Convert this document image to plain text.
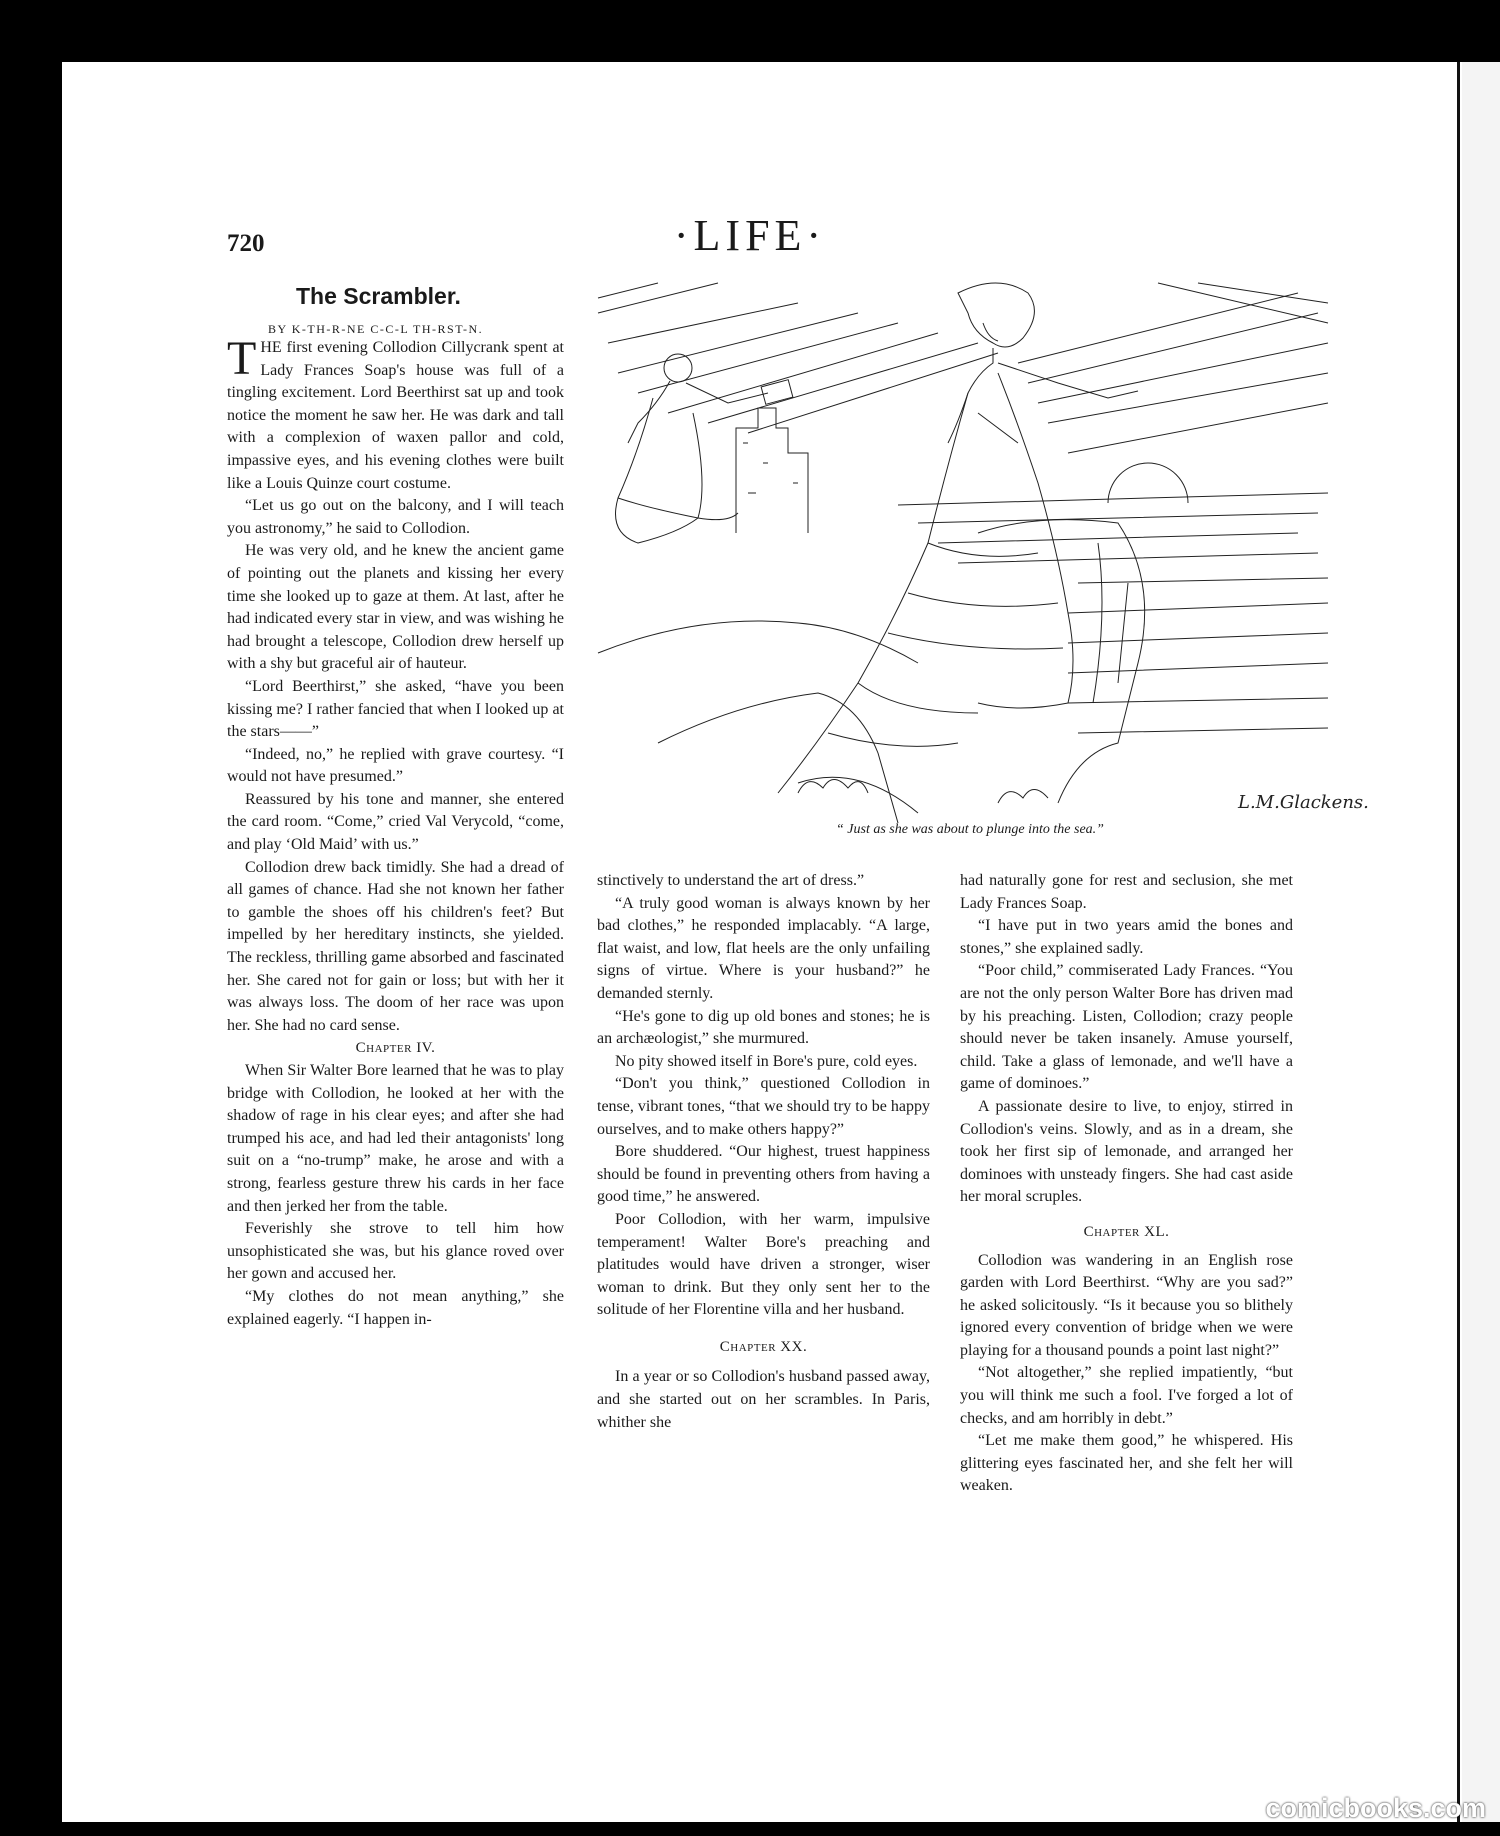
720	·LIFE·
The Scrambler.
BY K-TH-R-NE C-C-L TH-RST-N.

THE first evening Collodion Cillycrank spent at Lady Frances Soap's house was full of a tingling excitement. Lord Beerthirst sat up and took notice the moment he saw her. He was dark and tall with a complexion of waxen pallor and cold, impassive eyes, and his evening clothes were built like a Louis Quinze court costume.

“Let us go out on the balcony, and I will teach you astronomy,” he said to Collodion.

He was very old, and he knew the ancient game of pointing out the planets and kissing her every time she looked up to gaze at them. At last, after he had indicated every star in view, and was wishing he had brought a telescope, Collodion drew herself up with a shy but graceful air of hauteur.

“Lord Beerthirst,” she asked, “have you been kissing me? I rather fancied that when I looked up at the stars——”

“Indeed, no,” he replied with grave courtesy. “I would not have presumed.”

Reassured by his tone and manner, she entered the card room. “Come,” cried Val Verycold, “come, and play ‘Old Maid’ with us.”

Collodion drew back timidly. She had a dread of all games of chance. Had she not known her father to gamble the shoes off his children's feet? But impelled by her hereditary instincts, she yielded. The reckless, thrilling game absorbed and fascinated her. She cared not for gain or loss; but with her it was always loss. The doom of her race was upon her. She had no card sense.

Chapter IV.

When Sir Walter Bore learned that he was to play bridge with Collodion, he looked at her with the shadow of rage in his clear eyes; and after she had trumped his ace, and had led their antagonists' long suit on a “no-trump” make, he arose and with a strong, fearless gesture threw his cards in her face and then jerked her from the table.

Feverishly she strove to tell him how unsophisticated she was, but his glance roved over her gown and accused her.

“My clothes do not mean anything,” she explained eagerly. “I happen in-

L.M.Glackens.
“ Just as she was about to plunge into the sea.”

stinctively to understand the art of dress.”

“A truly good woman is always known by her bad clothes,” he responded implacably. “A large, flat waist, and low, flat heels are the only unfailing signs of virtue. Where is your husband?” he demanded sternly.

“He's gone to dig up old bones and stones; he is an archæologist,” she murmured.

No pity showed itself in Bore's pure, cold eyes.

“Don't you think,” questioned Collodion in tense, vibrant tones, “that we should try to be happy ourselves, and to make others happy?”

Bore shuddered. “Our highest, truest happiness should be found in preventing others from having a good time,” he answered.

Poor Collodion, with her warm, impulsive temperament! Walter Bore's preaching and platitudes would have driven a stronger, wiser woman to drink. But they only sent her to the solitude of her Florentine villa and her husband.

Chapter XX.

In a year or so Collodion's husband passed away, and she started out on her scrambles. In Paris, whither she

had naturally gone for rest and seclusion, she met Lady Frances Soap.

“I have put in two years amid the bones and stones,” she explained sadly.

“Poor child,” commiserated Lady Frances. “You are not the only person Walter Bore has driven mad by his preaching. Listen, Collodion; crazy people should never be taken insanely. Amuse yourself, child. Take a glass of lemonade, and we'll have a game of dominoes.”

A passionate desire to live, to enjoy, stirred in Collodion's veins. Slowly, and as in a dream, she took her first sip of lemonade, and arranged her dominoes with unsteady fingers. She had cast aside her moral scruples.

Chapter XL.

Collodion was wandering in an English rose garden with Lord Beerthirst. “Why are you sad?” he asked solicitously. “Is it because you so blithely ignored every convention of bridge when we were playing for a thousand pounds a point last night?”

“Not altogether,” she replied impatiently, “but you will think me such a fool. I've forged a lot of checks, and am horribly in debt.”

“Let me make them good,” he whispered. His glittering eyes fascinated her, and she felt her will weaken.

comicbooks.com
